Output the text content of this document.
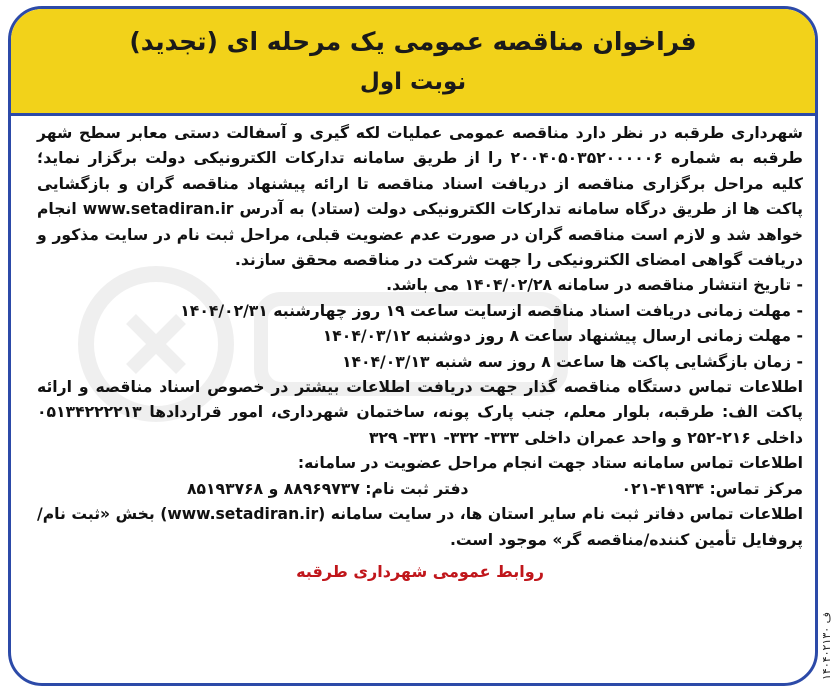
فراخوان مناقصه عمومی یک مرحله ای (تجدید)
نوبت اول

شهرداری طرقبه در نظر دارد مناقصه عمومی عملیات لکه گیری و آسفالت دستی معابر سطح شهر طرقبه به شماره ۲۰۰۴۰۵۰۳۵۲۰۰۰۰۰۶ را از طریق سامانه تدارکات الکترونیکی دولت برگزار نماید؛ کلیه مراحل برگزاری مناقصه از دریافت اسناد مناقصه تا ارائه پیشنهاد مناقصه گران و بازگشایی پاکت ها از طریق درگاه سامانه تدارکات الکترونیکی دولت (ستاد) به آدرس www.setadiran.ir انجام خواهد شد و لازم است مناقصه گران در صورت عدم عضویت قبلی، مراحل ثبت نام در سایت مذکور و دریافت گواهی امضای الکترونیکی را جهت شرکت در مناقصه محقق سازند.

- تاریخ انتشار مناقصه در سامانه ۱۴۰۴/۰۲/۲۸ می باشد.
- مهلت زمانی دریافت اسناد مناقصه ازسایت ساعت ۱۹ روز چهارشنبه ۱۴۰۴/۰۲/۳۱
- مهلت زمانی ارسال پیشنهاد ساعت ۸ روز دوشنبه ۱۴۰۴/۰۳/۱۲
- زمان بازگشایی پاکت ها ساعت ۸ روز سه شنبه ۱۴۰۴/۰۳/۱۳

اطلاعات تماس دستگاه مناقصه گذار جهت دریافت اطلاعات بیشتر در خصوص اسناد مناقصه و ارائه پاکت الف: طرقبه، بلوار معلم، جنب پارک پونه، ساختمان شهرداری، امور قراردادها ۰۵۱۳۴۲۲۲۲۱۳ داخلی ۲۱۶-۲۵۲ و واحد عمران داخلی ۳۳۳- ۳۳۲- ۳۳۱- ۳۲۹

اطلاعات تماس سامانه ستاد جهت انجام مراحل عضویت در سامانه:
مرکز تماس: ۴۱۹۳۴-۰۲۱
دفتر ثبت نام: ۸۸۹۶۹۷۳۷ و ۸۵۱۹۳۷۶۸

اطلاعات تماس دفاتر ثبت نام سایر استان ها، در سایت سامانه (www.setadiran.ir) بخش «ثبت نام/ پروفایل تأمین کننده/مناقصه گر» موجود است.

روابط عمومی شهرداری طرقبه
۱۴۰۴۰۲۱۳۰ ف
